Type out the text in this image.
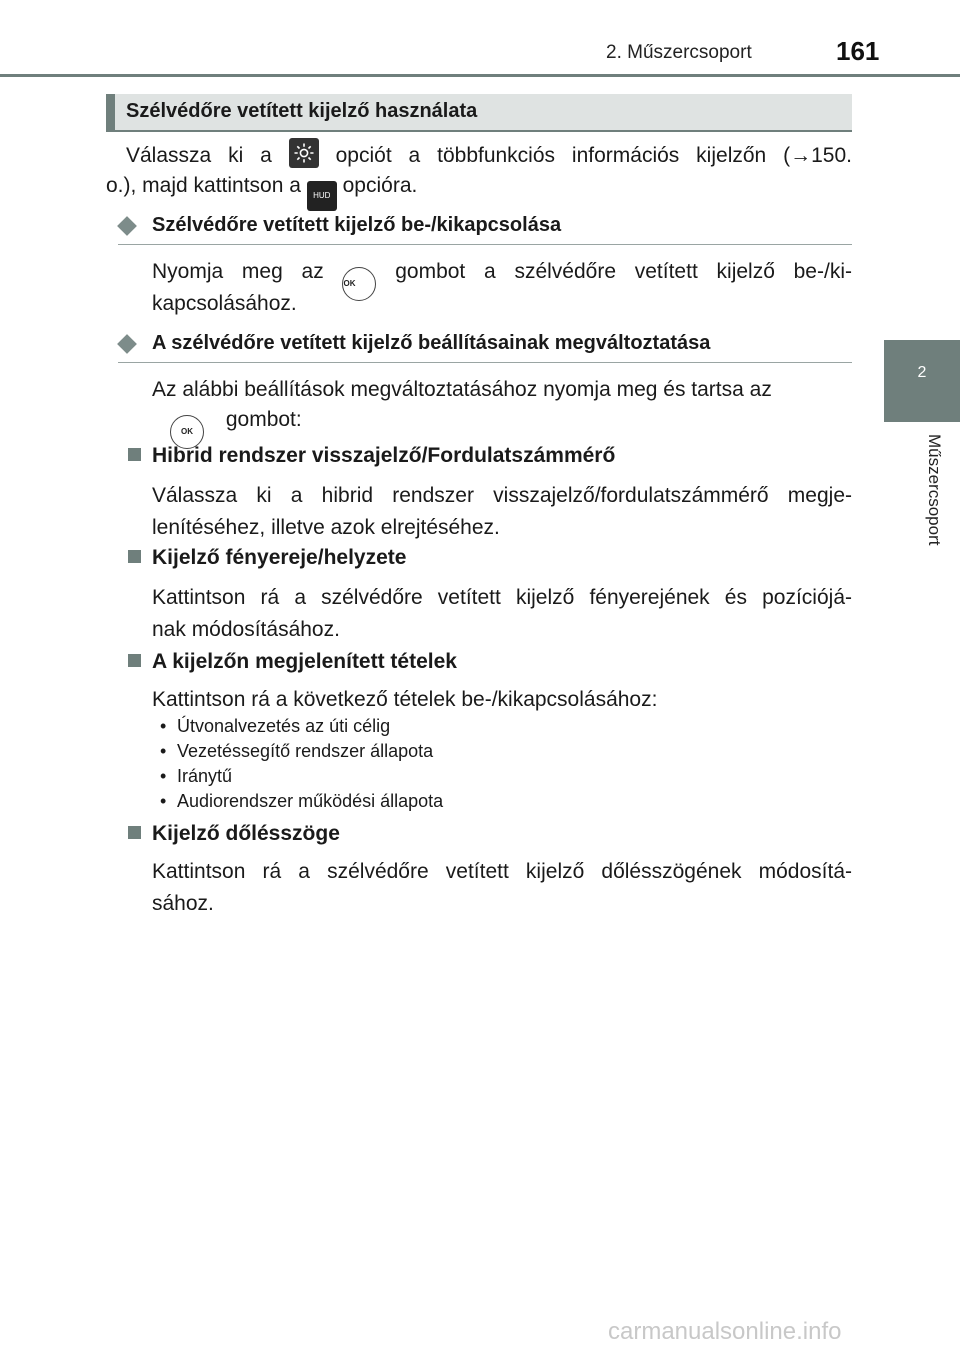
2. Műszercsoport	161
2
Műszercsoport
Szélvédőre vetített kijelző használata
Válassza ki a	opciót a többfunkciós információs kijelzőn (→150.
o.), majd kattintson a HUD opcióra.
Szélvédőre vetített kijelző be-/kikapcsolása
Nyomja meg az OK gombot a szélvédőre vetített kijelző be-/ki-
kapcsolásához.
A szélvédőre vetített kijelző beállításainak megváltoztatása
Az alábbi beállítások megváltoztatásához nyomja meg és tartsa az
OK gombot:
Hibrid rendszer visszajelző/Fordulatszámmérő
Válassza ki a hibrid rendszer visszajelző/fordulatszámmérő megje-
lenítéséhez, illetve azok elrejtéséhez.
Kijelző fényereje/helyzete
Kattintson rá a szélvédőre vetített kijelző fényerejének és pozíciójá-
nak módosításához.
A kijelzőn megjelenített tételek
Kattintson rá a következő tételek be-/kikapcsolásához:
• Útvonalvezetés az úti célig
• Vezetéssegítő rendszer állapota
• Iránytű
• Audiorendszer működési állapota
Kijelző dőlésszöge
Kattintson rá a szélvédőre vetített kijelző dőlésszögének módosítá-
sához.
carmanualsonline.info
